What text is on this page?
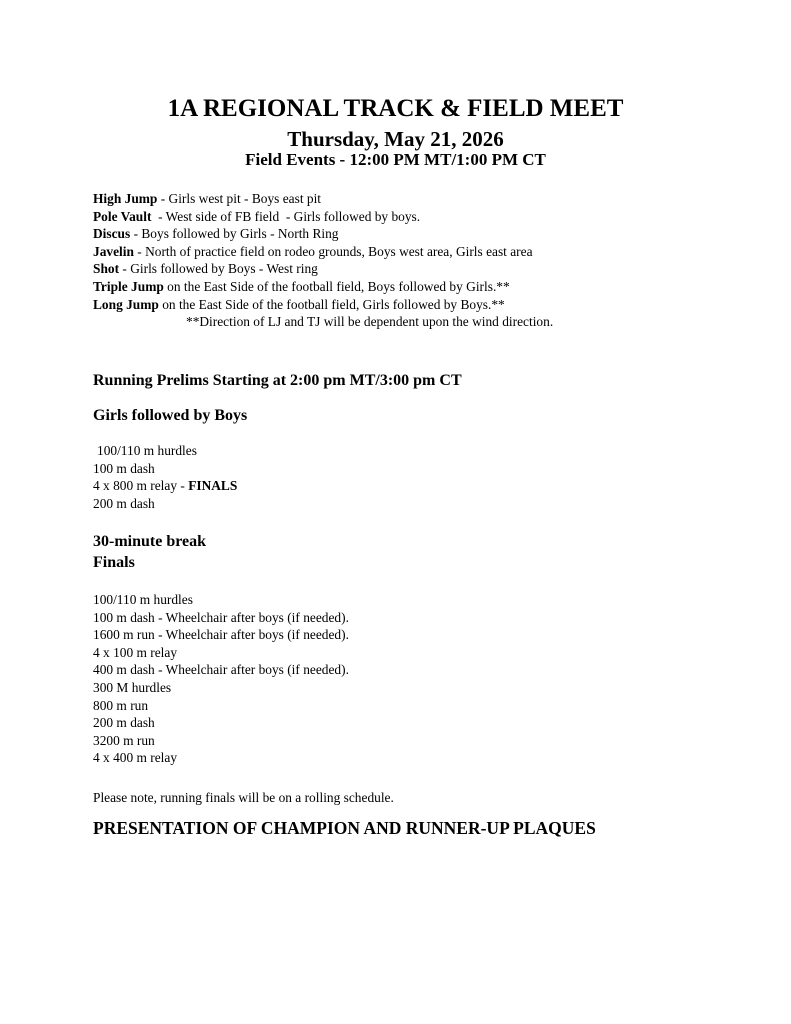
1A REGIONAL TRACK & FIELD MEET
Thursday, May 21, 2026
Field Events - 12:00 PM MT/1:00 PM CT
High Jump - Girls west pit - Boys east pit
Pole Vault  - West side of FB field  - Girls followed by boys.
Discus - Boys followed by Girls - North Ring
Javelin - North of practice field on rodeo grounds, Boys west area, Girls east area
Shot - Girls followed by Boys - West ring
Triple Jump on the East Side of the football field, Boys followed by Girls.**
Long Jump on the East Side of the football field, Girls followed by Boys.**
**Direction of LJ and TJ will be dependent upon the wind direction.
Running Prelims Starting at 2:00 pm MT/3:00 pm CT
Girls followed by Boys
100/110 m hurdles
100 m dash
4 x 800 m relay - FINALS
200 m dash
30-minute break
Finals
100/110 m hurdles
100 m dash - Wheelchair after boys (if needed).
1600 m run - Wheelchair after boys (if needed).
4 x 100 m relay
400 m dash - Wheelchair after boys (if needed).
300 M hurdles
800 m run
200 m dash
3200 m run
4 x 400 m relay
Please note, running finals will be on a rolling schedule.
PRESENTATION OF CHAMPION AND RUNNER-UP PLAQUES
